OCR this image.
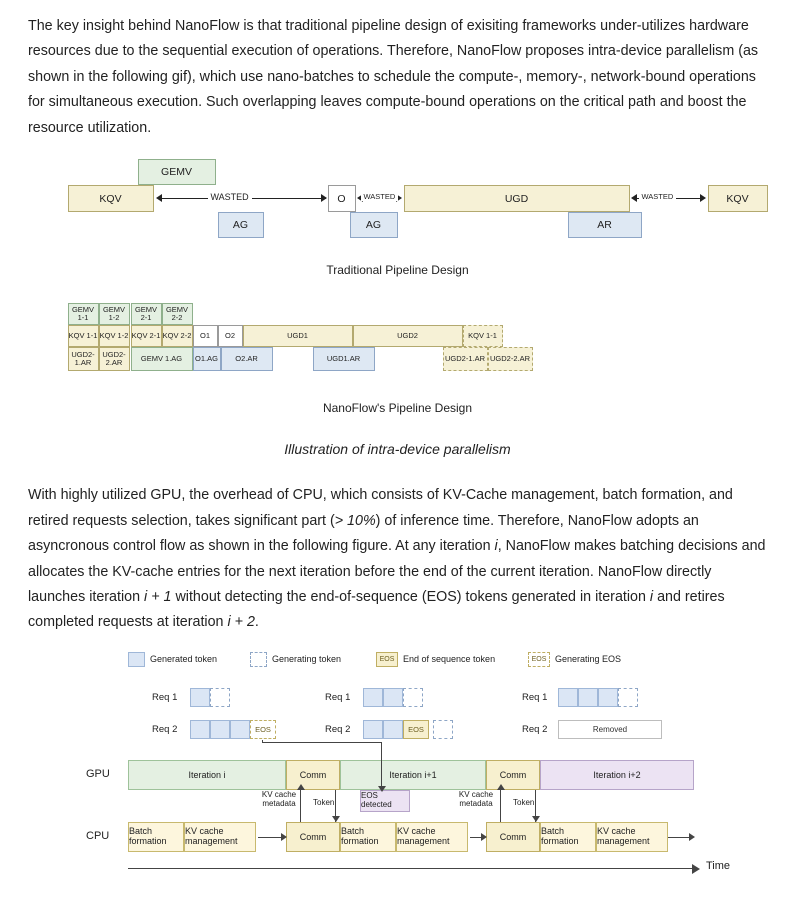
The key insight behind NanoFlow is that traditional pipeline design of exisiting frameworks under-utilizes hardware resources due to the sequential execution of operations. Therefore, NanoFlow proposes intra-device parallelism (as shown in the following gif), which use nano-batches to schedule the compute-, memory-, network-bound operations for simultaneous execution. Such overlapping leaves compute-bound operations on the critical path and boost the resource utilization.

GEMV
KQV	WASTED	O	WASTED	UGD	WASTED	KQV
AG	AG	AR
Traditional Pipeline Design
GEMV 1-1
GEMV 1-2
GEMV 2-1
GEMV 2-2
KQV 1-1 KQV 1-2 KQV 2-1 KQV 2-2	O1	O2	UGD1	UGD2	KQV 1-1
UGD2-1.AR
UGD2-2.AR	GEMV 1.AG	O1.AG	O2.AR	UGD1.AR	UGD2-1.AR UGD2-2.AR
NanoFlow's Pipeline Design
Illustration of intra-device parallelism

With highly utilized GPU, the overhead of CPU, which consists of KV-Cache management, batch formation, and retired requests selection, takes significant part (> 10%) of inference time. Therefore, NanoFlow adopts an asyncronous control flow as shown in the following figure. At any iteration i, NanoFlow makes batching decisions and allocates the KV-cache entries for the next iteration before the end of the current iteration. NanoFlow directly launches iteration i + 1 without detecting the end-of-sequence (EOS) tokens generated in iteration i and retires completed requests at iteration i + 2.

Generated token	Generating token	EOS End of sequence token	EOS Generating EOS
Req 1
Req 2	EOS
Req 1
Req 2	EOS
Req 1
Req 2	Removed
GPU	Iteration i	Comm	Iteration i+1	Comm	Iteration i+2
CPU Batch formation
KV cache management	Comm
Batch formation
KV cache management	Comm
Batch formation
KV cache management
EOS detected
KV cache metadata	Token
KV cache metadata	Token
Time
